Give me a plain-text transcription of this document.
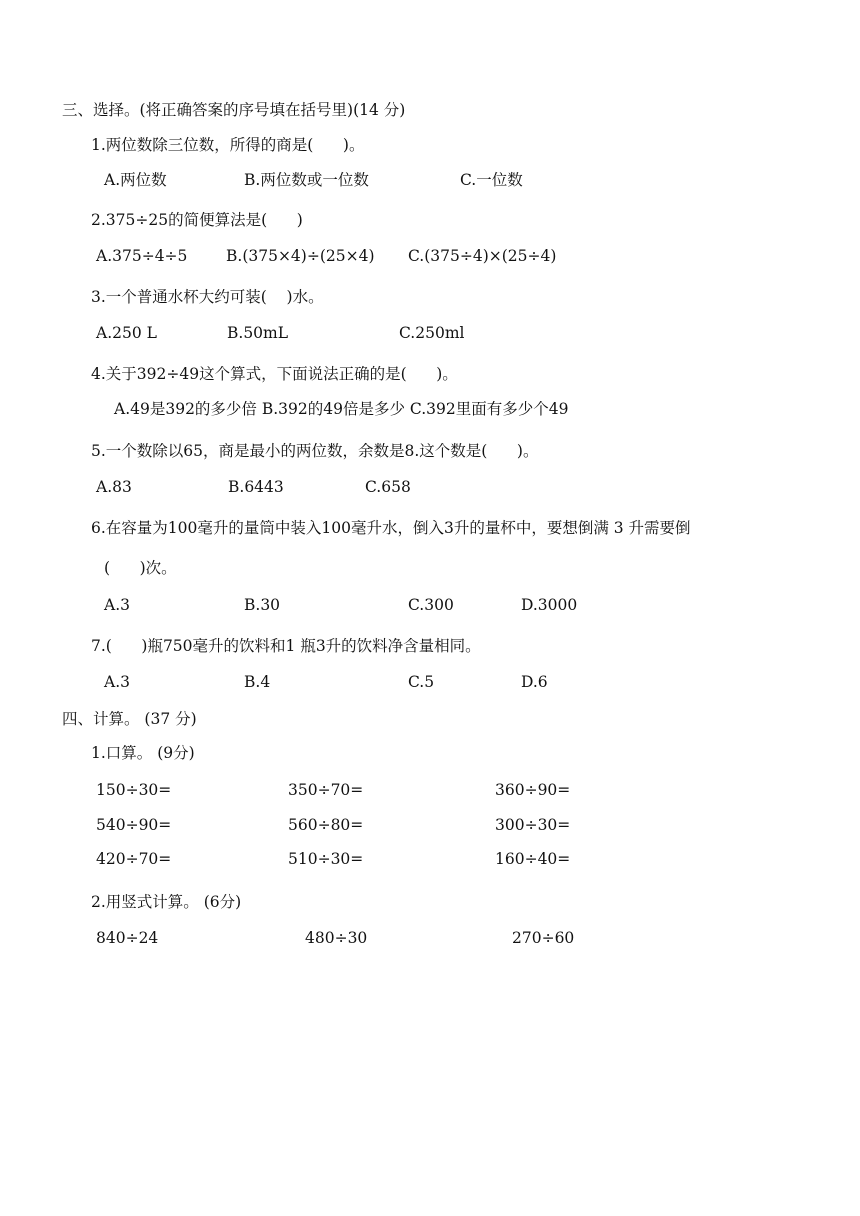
三、选择。(将正确答案的序号填在括号里)(14 分)
1.两位数除三位数，所得的商是(      )。
A.两位数	B.两位数或一位数	C.一位数
2.375÷25的简便算法是(      )
A.375÷4÷5 B.(375×4)÷(25×4) C.(375÷4)×(25÷4)
3.一个普通水杯大约可装(    )水。
A.250 L	B.50mL	C.250ml
4.关于392÷49这个算式，下面说法正确的是(      )。
A.49是392的多少倍 B.392的49倍是多少 C.392里面有多少个49
5.一个数除以65，商是最小的两位数，余数是8.这个数是(      )。
A.83	B.6443	C.658
6.在容量为100毫升的量筒中装入100毫升水，倒入3升的量杯中，要想倒满 3 升需要倒
(      )次。
A.3	B.30	C.300	D.3000
7.(      )瓶750毫升的饮料和1 瓶3升的饮料净含量相同。
A.3	B.4	C.5	D.6
四、计算。 (37 分)
1.口算。 (9分)
150÷30=	350÷70=	360÷90=
540÷90=	560÷80=	300÷30=
420÷70=	510÷30=	160÷40=
2.用竖式计算。 (6分)
840÷24	480÷30	270÷60
